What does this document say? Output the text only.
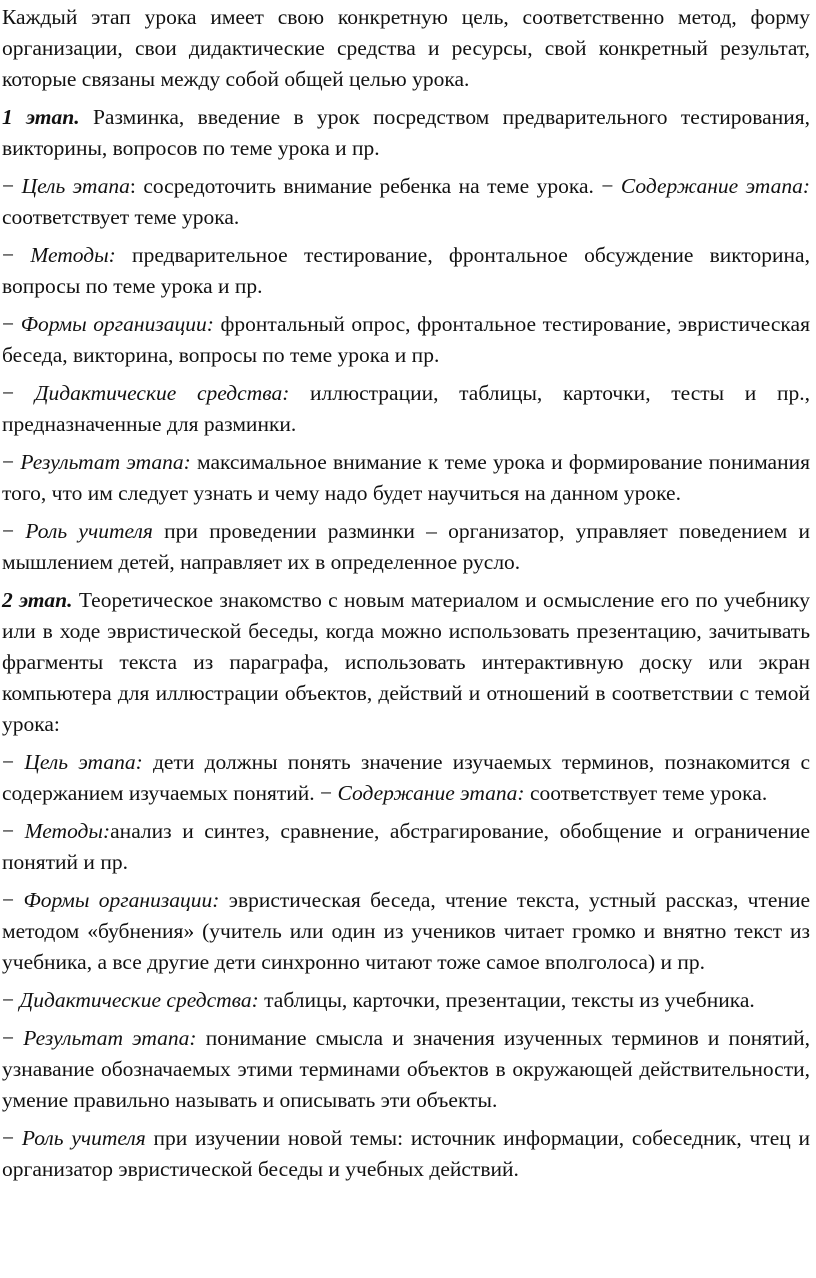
Каждый этап урока имеет свою конкретную цель, соответственно метод, форму организации, свои дидактические средства и ресурсы, свой конкретный результат, которые связаны между собой общей целью урока.

1 этап. Разминка, введение в урок посредством предварительного тестирования, викторины, вопросов по теме урока и пр.

− Цель этапа: сосредоточить внимание ребенка на теме урока. − Содержание этапа: соответствует теме урока.

− Методы: предварительное тестирование, фронтальное обсуждение викторина, вопросы по теме урока и пр.

− Формы организации: фронтальный опрос, фронтальное тестирование, эвристическая беседа, викторина, вопросы по теме урока и пр.

− Дидактические средства: иллюстрации, таблицы, карточки, тесты и пр., предназначенные для разминки.

− Результат этапа: максимальное внимание к теме урока и формирование понимания того, что им следует узнать и чему надо будет научиться на данном уроке.

− Роль учителя при проведении разминки – организатор, управляет поведением и мышлением детей, направляет их в определенное русло.

2 этап. Теоретическое знакомство с новым материалом и осмысление его по учебнику или в ходе эвристической беседы, когда можно использовать презентацию, зачитывать фрагменты текста из параграфа, использовать интерактивную доску или экран компьютера для иллюстрации объектов, действий и отношений в соответствии с темой урока:

− Цель этапа: дети должны понять значение изучаемых терминов, познакомится с содержанием изучаемых понятий. − Содержание этапа: соответствует теме урока.

− Методы:анализ и синтез, сравнение, абстрагирование, обобщение и ограничение понятий и пр.

− Формы организации: эвристическая беседа, чтение текста, устный рассказ, чтение методом «бубнения» (учитель или один из учеников читает громко и внятно текст из учебника, а все другие дети синхронно читают тоже самое вполголоса) и пр.

− Дидактические средства: таблицы, карточки, презентации, тексты из учебника.

− Результат этапа: понимание смысла и значения изученных терминов и понятий, узнавание обозначаемых этими терминами объектов в окружающей действительности, умение правильно называть и описывать эти объекты.

− Роль учителя при изучении новой темы: источник информации, собеседник, чтец и организатор эвристической беседы и учебных действий.
